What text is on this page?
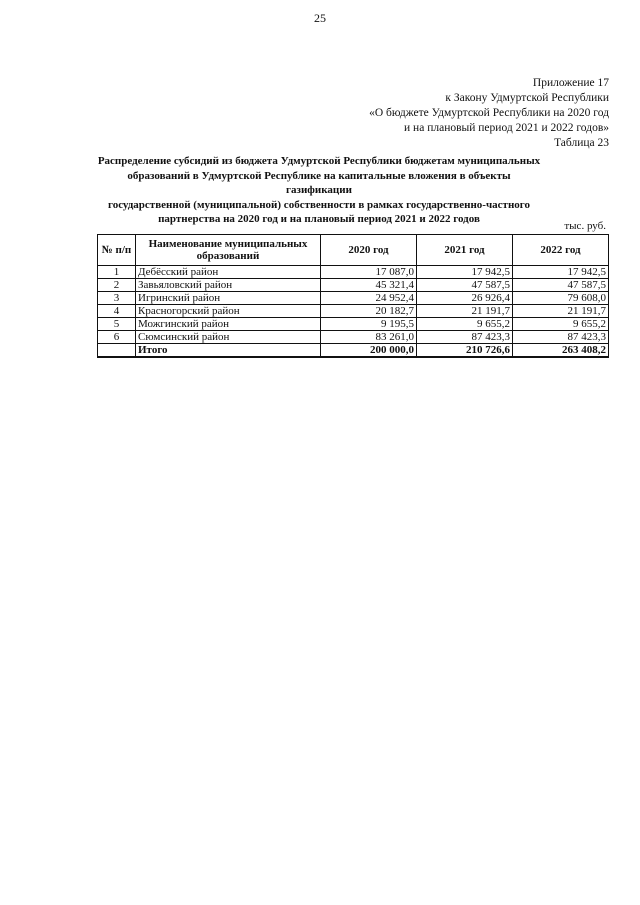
25
Приложение 17
к Закону Удмуртской Республики
«О бюджете Удмуртской Республики на 2020 год
и на плановый период 2021 и 2022 годов»
Таблица 23
Распределение субсидий из бюджета Удмуртской Республики бюджетам муниципальных
образований в Удмуртской Республике на капитальные вложения в объекты газификации
государственной (муниципальной) собственности в рамках государственно-частного
партнерства на 2020 год и на плановый период 2021 и 2022 годов
тыс. руб.
№ п/п	Наименование муниципальных образований	2020 год	2021 год	2022 год
1	Дебёсский район	17 087,0	17 942,5	17 942,5
2	Завьяловский район	45 321,4	47 587,5	47 587,5
3	Игринский район	24 952,4	26 926,4	79 608,0
4	Красногорский район	20 182,7	21 191,7	21 191,7
5	Можгинский район	9 195,5	9 655,2	9 655,2
6	Сюмсинский район	83 261,0	87 423,3	87 423,3
	Итого	200 000,0	210 726,6	263 408,2
